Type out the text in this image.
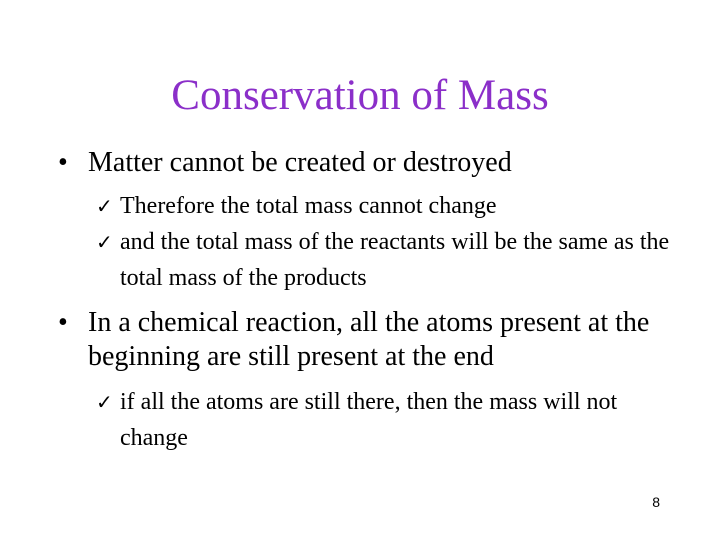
Conservation of Mass
• Matter cannot be created or destroyed
✓ Therefore the total mass cannot change
✓ and the total mass of the reactants will be the same as the total mass of the products
• In a chemical reaction, all the atoms present at the beginning are still present at the end
✓ if all the atoms are still there, then the mass will not change
8
